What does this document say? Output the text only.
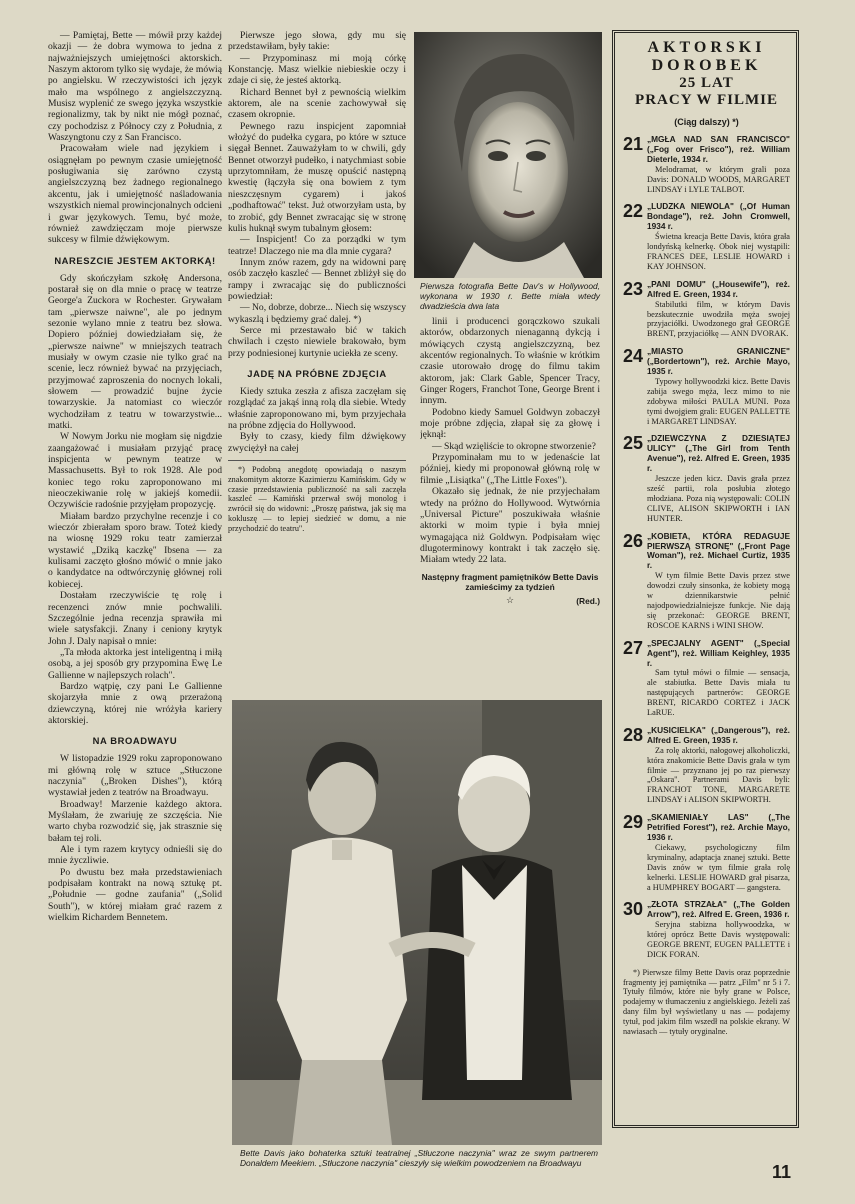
— Pamiętaj, Bette — mówił przy każdej okazji — że dobra wymowa to jedna z najważniejszych umiejętności aktorskich. Naszym aktorom tylko się wydaje, że mówią po angielsku. W rzeczywistości ich język mało ma wspólnego z angielszczyzną. Musisz wyplenić ze swego języka wszystkie regionalizmy, tak by nikt nie mógł poznać, czy pochodzisz z Północy czy z Południa, z Waszyngtonu czy z San Francisco.

Pracowałam wiele nad językiem i osiągnęłam po pewnym czasie umiejętność posługiwania się zarówno czystą angielszczyzną bez żadnego regionalnego akcentu, jak i umiejętność naśladowania wszystkich niemal prowincjonalnych odcieni i gwar językowych. Temu, być może, również zawdzięczam moje pierwsze sukcesy w filmie dźwiękowym.

NARESZCIE JESTEM AKTORKĄ!

Gdy skończyłam szkołę Andersona, postarał się on dla mnie o pracę w teatrze George'a Zuckora w Rochester. Grywałam tam „pierwsze naiwne", ale po jednym sezonie wylano mnie z teatru bez słowa. Dopiero później dowiedziałam się, że „pierwsze naiwne" w mniejszych teatrach musiały w owym czasie nie tylko grać na scenie, lecz również bywać na przyjęciach, przyjmować zaproszenia do nocnych lokali, słowem — prowadzić bujne życie towarzyskie. Ja natomiast co wieczór wychodziłam z teatru w towarzystwie... matki.

W Nowym Jorku nie mogłam się nigdzie zaangażować i musiałam przyjąć pracę inspicjenta w pewnym teatrze w Massachusetts. Był to rok 1928. Ale pod koniec tego roku zaproponowano mi nieoczekiwanie rolę w jakiejś komedii. Oczywiście radośnie przyjęłam propozycję.

Miałam bardzo przychylne recenzje i co wieczór zbierałam sporo braw. Toteż kiedy na wiosnę 1929 roku teatr zamierzał wystawić „Dziką kaczkę" Ibsena — za kulisami zaczęto głośno mówić o mnie jako o kandydatce na odtwórczynię głównej roli kobiecej.

Dostałam rzeczywiście tę rolę i recenzenci znów mnie pochwalili. Szczególnie jedna recenzja sprawiła mi wiele satysfakcji. Znany i ceniony krytyk John J. Daly napisał o mnie:

„Ta młoda aktorka jest inteligentną i miłą osobą, a jej sposób gry przypomina Ewę Le Gallienne w najlepszych rolach".

Bardzo wątpię, czy pani Le Gallienne skojarzyła mnie z ową przerażoną dziewczyną, której nie wróżyła kariery aktorskiej.

NA BROADWAYU

W listopadzie 1929 roku zaproponowano mi główną rolę w sztuce „Stłuczone naczynia" („Broken Dishes"), którą wystawiał jeden z teatrów na Broadwayu.

Broadway! Marzenie każdego aktora. Myślałam, że zwariuję ze szczęścia. Nie warto chyba rozwodzić się, jak strasznie się bałam tej roli.

Ale i tym razem krytycy odnieśli się do mnie życzliwie.

Po dwustu bez mała przedstawieniach podpisałam kontrakt na nową sztukę pt. „Południe — godne zaufania" („Solid South"), w której miałam grać razem z wielkim Richardem Bennetem.

Pierwsze jego słowa, gdy mu się przedstawiłam, były takie:

— Przypominasz mi moją córkę Konstancję. Masz wielkie niebieskie oczy i zdaje ci się, że jesteś aktorką.

Richard Bennet był z pewnością wielkim aktorem, ale na scenie zachowywał się czasem okropnie.

Pewnego razu inspicjent zapomniał włożyć do pudełka cygara, po które w sztuce sięgał Bennet. Zauważyłam to w chwili, gdy Bennet otworzył pudełko, i natychmiast sobie uprzytomniłam, że muszę opuścić następną kwestię (łączyła się ona bowiem z tym nieszczęsnym cygarem) i jakoś „podhaftować" tekst. Już otworzyłam usta, by to zrobić, gdy Bennet zwracając się w stronę kulis huknął swym tubalnym głosem:

— Inspicjent! Co za porządki w tym teatrze! Dlaczego nie ma dla mnie cygara?

Innym znów razem, gdy na widowni parę osób zaczęło kaszleć — Bennet zbliżył się do rampy i zwracając się do publiczności powiedział:

— No, dobrze, dobrze... Niech się wszyscy wykaszlą i będziemy grać dalej. *)

Serce mi przestawało bić w takich chwilach i często niewiele brakowało, bym przy podniesionej kurtynie uciekła ze sceny.

JADĘ NA PRÓBNE ZDJĘCIA

Kiedy sztuka zeszła z afisza zaczęłam się rozglądać za jakąś inną rolą dla siebie. Wtedy właśnie zaproponowano mi, bym przyjechała na próbne zdjęcia do Hollywood.

Były to czasy, kiedy film dźwiękowy zwyciężył na całej

*) Podobną anegdotę opowiadają o naszym znakomitym aktorze Kazimierzu Kamińskim. Gdy w czasie przedstawienia publiczność na sali zaczęła kaszleć — Kamiński przerwał swój monolog i zwrócił się do widowni: „Proszę państwa, jak się ma kokluszę — to lepiej siedzieć w domu, a nie przychodzić do teatru".

Pierwsza fotografia Bette Dav's w Hollywood, wykonana w 1930 r. Bette miała wtedy dwadzieścia dwa lata

linii i producenci gorączkowo szukali aktorów, obdarzonych nienaganną dykcją i mówiących czystą angielszczyzną, bez akcentów regionalnych. To właśnie w krótkim czasie utorowało drogę do filmu takim aktorom, jak: Clark Gable, Spencer Tracy, Ginger Rogers, Franchot Tone, George Brent i innym.

Podobno kiedy Samuel Goldwyn zobaczył moje próbne zdjęcia, złapał się za głowę i jęknął:

— Skąd wzięliście to okropne stworzenie?

Przypominałam mu to w jedenaście lat później, kiedy mi proponował główną rolę w filmie „Lisiątka" („The Little Foxes").

Okazało się jednak, że nie przyjechałam wtedy na próżno do Hollywood. Wytwórnia „Universal Picture" poszukiwała właśnie aktorki w moim typie i była mniej wymagająca niż Goldwyn. Podpisałam więc dlugoterminowy kontrakt i tak zaczęło się. Miałam wtedy 22 lata.

Następny fragment pamiętników Bette Davis zamieścimy za tydzień
☆	(Red.)
Bette Davis jako bohaterka sztuki teatralnej „Stłuczone naczynia" wraz ze swym partnerem Donaldem Meekiem. „Stłuczone naczynia" cieszyły się wielkim powodzeniem na Broadwayu
AKTORSKI
DOROBEK
25 LAT
PRACY W FILMIE
(Ciąg dalszy) *)
21 „MGŁA NAD SAN FRANCISCO" („Fog over Frisco"), reż. William Dieterle, 1934 r.
Melodramat, w którym grali poza Davis: DONALD WOODS, MARGARET LINDSAY i LYLE TALBOT.
22 „LUDZKA NIEWOLA" („Of Human Bondage"), reż. John Cromwell, 1934 r.
Świetna kreacja Bette Davis, która grała londyńską kelnerkę. Obok niej wystąpili: FRANCES DEE, LESLIE HOWARD i KAY JOHNSON.
23 „PANI DOMU" („Housewife"), reż. Alfred E. Green, 1934 r.
Stabilutki film, w którym Davis bezskutecznie uwodziła męża swojej przyjaciółki. Uwodzonego grał GEORGE BRENT, przyjaciółkę — ANN DVORAK.
24 „MIASTO GRANICZNE" („Bordertown"), reż. Archie Mayo, 1935 r.
Typowy hollywoodzki kicz. Bette Davis zabija swego męża, lecz mimo to nie zdobywa miłości PAULA MUNI. Poza tymi dwojgiem grali: EUGEN PALLETTE i MARGARET LINDSAY.
25 „DZIEWCZYNA Z DZIESIĄTEJ ULICY" („The Girl from Tenth Avenue"), reż. Alfred E. Green, 1935 r.
Jeszcze jeden kicz. Davis grała przez sześć partii, rola posłubia złotego młodziana. Poza nią występowali: COLIN CLIVE, ALISON SKIPWORTH i IAN HUNTER.
26 „KOBIETA, KTÓRA REDAGUJE PIERWSZĄ STRONĘ" („Front Page Woman"), reż. Michael Curtiz, 1935 r.
W tym filmie Bette Davis przez stwe dowodzi czuły sinsonka, że kobiety mogą w dziennikarstwie pełnić najodpowiedzialniejsze funkcje. Nie dają się przekonać: GEORGE BRENT, ROSCOE KARNS i WINI SHOW.
27 „SPECJALNY AGENT" („Special Agent"), reż. William Keighley, 1935 r.
Sam tytuł mówi o filmie — sensacja, ale stabiutka. Bette Davis miała tu następujących partnerów: GEORGE BRENT, RICARDO CORTEZ i JACK LaRUE.
28 „KUSICIELKA" („Dangerous"), reż. Alfred E. Green, 1935 r.
Za rolę aktorki, nałogowej alkoholiczki, która znakomicie Bette Davis grała w tym filmie — przyznano jej po raz pierwszy „Oskara". Partnerami Davis byli: FRANCHOT TONE, MARGARETE LINDSAY i ALISON SKIPWORTH.
29 „SKAMIENIAŁY LAS" („The Petrified Forest"), reż. Archie Mayo, 1936 r.
Ciekawy, psychologiczny film kryminalny, adaptacja znanej sztuki. Bette Davis znów w tym filmie grała rolę kelnerki. LESLIE HOWARD grał pisarza, a HUMPHREY BOGART — gangstera.
30 „ZŁOTA STRZAŁA" („The Golden Arrow"), reż. Alfred E. Green, 1936 r.
Seryjna stabizna hollywoodzka, w której oprócz Bette Davis występowali: GEORGE BRENT, EUGEN PALLETTE i DICK FORAN.
*) Pierwsze filmy Bette Davis oraz poprzednie fragmenty jej pamiętnika — patrz „Film" nr 5 i 7. Tytuły filmów, które nie były grane w Polsce, podajemy w tłumaczeniu z angielskiego. Jeżeli zaś dany film był wyświetlany u nas — podajemy tytuł, pod jakim film wszedł na polskie ekrany. W nawiasach — tytuły oryginalne.
11
